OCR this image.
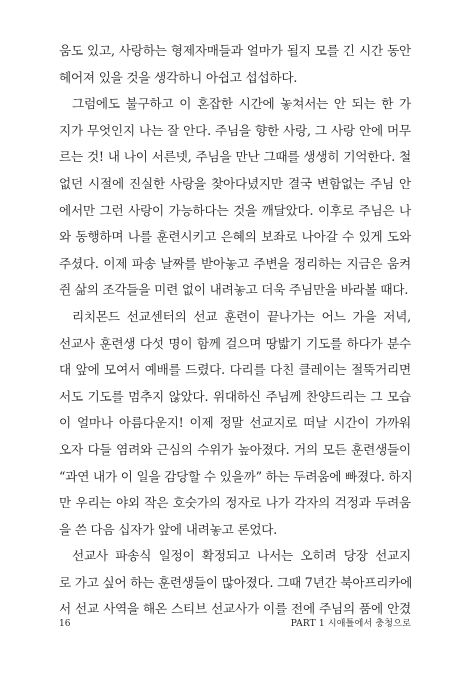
움도 있고, 사랑하는 형제자매들과 얼마가 될지 모를 긴 시간 동안
헤어져 있을 것을 생각하니 아쉽고 섭섭하다.
그럼에도 불구하고 이 혼잡한 시간에 놓쳐서는 안 되는 한 가
지가 무엇인지 나는 잘 안다. 주님을 향한 사랑, 그 사랑 안에 머무
르는 것! 내 나이 서른넷, 주님을 만난 그때를 생생히 기억한다. 철
없던 시절에 진실한 사랑을 찾아다녔지만 결국 변함없는 주님 안
에서만 그런 사랑이 가능하다는 것을 깨달았다. 이후로 주님은 나
와 동행하며 나를 훈련시키고 은혜의 보좌로 나아갈 수 있게 도와
주셨다. 이제 파송 날짜를 받아놓고 주변을 정리하는 지금은 움켜
쥔 삶의 조각들을 미련 없이 내려놓고 더욱 주님만을 바라볼 때다.
리치몬드 선교센터의 선교 훈련이 끝나가는 어느 가을 저녁,
선교사 훈련생 다섯 명이 함께 걸으며 땅밟기 기도를 하다가 분수
대 앞에 모여서 예배를 드렸다. 다리를 다친 클레이는 절뚝거리면
서도 기도를 멈추지 않았다. 위대하신 주님께 찬양드리는 그 모습
이 얼마나 아름다운지! 이제 정말 선교지로 떠날 시간이 가까워
오자 다들 염려와 근심의 수위가 높아졌다. 거의 모든 훈련생들이
“과연 내가 이 일을 감당할 수 있을까” 하는 두려움에 빠졌다. 하지
만 우리는 야외 작은 호숫가의 정자로 나가 각자의 걱정과 두려움
을 쓴 다음 십자가 앞에 내려놓고 론었다.
선교사 파송식 일정이 확정되고 나서는 오히려 당장 선교지
로 가고 싶어 하는 훈련생들이 많아졌다. 그때 7년간 북아프리카에
서 선교 사역을 해온 스티브 선교사가 이를 전에 주님의 품에 안겼
16	PART 1 시애틀에서 충청으로
